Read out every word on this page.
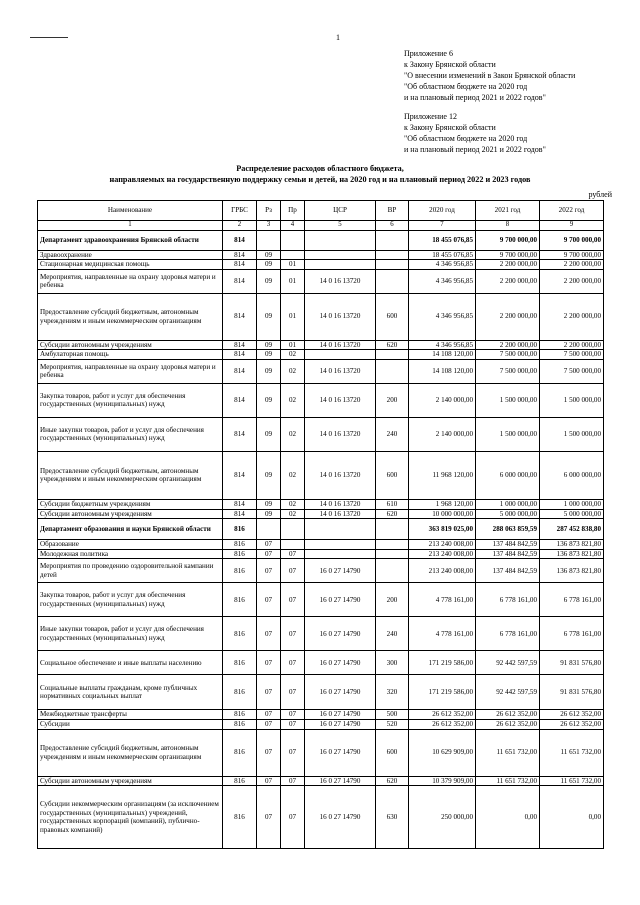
1
Приложение 6
к Закону Брянской области
"О внесении изменений в Закон Брянской области
"Об областном бюджете на 2020 год
и на плановый период 2021 и 2022 годов"
Приложение 12
к Закону Брянской области
"Об областном бюджете на 2020 год
и на плановый период 2021 и 2022 годов"
Распределение расходов областного бюджета,
направляемых на государственную поддержку семьи и детей, на 2020 год и на плановый период 2022 и 2023 годов
рублей
Наименование	ГРБС	Рз	Пр	ЦСР	ВР	2020 год	2021 год	2022 год
1	2	3	4	5	6	7	8	9
Департамент здравоохранения Брянской области	814					18 455 076,85	9 700 000,00	9 700 000,00
Здравоохранение	814	09				18 455 076,85	9 700 000,00	9 700 000,00
Стационарная медицинская помощь	814	09	01			4 346 956,85	2 200 000,00	2 200 000,00
Мероприятия, направленные на охрану здоровья матери и ребенка	814	09	01	14 0 16 13720		4 346 956,85	2 200 000,00	2 200 000,00
Предоставление субсидий бюджетным, автономным учреждениям и иным некоммерческим организациям	814	09	01	14 0 16 13720	600	4 346 956,85	2 200 000,00	2 200 000,00
Субсидии автономным учреждениям	814	09	01	14 0 16 13720	620	4 346 956,85	2 200 000,00	2 200 000,00
Амбулаторная помощь	814	09	02			14 108 120,00	7 500 000,00	7 500 000,00
Мероприятия, направленные на охрану здоровья матери и ребенка	814	09	02	14 0 16 13720		14 108 120,00	7 500 000,00	7 500 000,00
Закупка товаров, работ и услуг для обеспечения государственных (муниципальных) нужд	814	09	02	14 0 16 13720	200	2 140 000,00	1 500 000,00	1 500 000,00
Иные закупки товаров, работ и услуг для обеспечения государственных (муниципальных) нужд	814	09	02	14 0 16 13720	240	2 140 000,00	1 500 000,00	1 500 000,00
Предоставление субсидий бюджетным, автономным учреждениям и иным некоммерческим организациям	814	09	02	14 0 16 13720	600	11 968 120,00	6 000 000,00	6 000 000,00
Субсидии бюджетным учреждениям	814	09	02	14 0 16 13720	610	1 968 120,00	1 000 000,00	1 000 000,00
Субсидии автономным учреждениям	814	09	02	14 0 16 13720	620	10 000 000,00	5 000 000,00	5 000 000,00
Департамент образования и науки Брянской области	816					363 819 025,00	288 063 859,59	287 452 838,80
Образование	816	07				213 240 008,00	137 484 842,59	136 873 821,80
Молодежная политика	816	07	07			213 240 008,00	137 484 842,59	136 873 821,80
Мероприятия по проведению оздоровительной кампании детей	816	07	07	16 0 27 14790		213 240 008,00	137 484 842,59	136 873 821,80
Закупка товаров, работ и услуг для обеспечения государственных (муниципальных) нужд	816	07	07	16 0 27 14790	200	4 778 161,00	6 778 161,00	6 778 161,00
Иные закупки товаров, работ и услуг для обеспечения государственных (муниципальных) нужд	816	07	07	16 0 27 14790	240	4 778 161,00	6 778 161,00	6 778 161,00
Социальное обеспечение и иные выплаты населению	816	07	07	16 0 27 14790	300	171 219 586,00	92 442 597,59	91 831 576,80
Социальные выплаты гражданам, кроме публичных нормативных социальных выплат	816	07	07	16 0 27 14790	320	171 219 586,00	92 442 597,59	91 831 576,80
Межбюджетные трансферты	816	07	07	16 0 27 14790	500	26 612 352,00	26 612 352,00	26 612 352,00
Субсидии	816	07	07	16 0 27 14790	520	26 612 352,00	26 612 352,00	26 612 352,00
Предоставление субсидий бюджетным, автономным учреждениям и иным некоммерческим организациям	816	07	07	16 0 27 14790	600	10 629 909,00	11 651 732,00	11 651 732,00
Субсидии автономным учреждениям	816	07	07	16 0 27 14790	620	10 379 909,00	11 651 732,00	11 651 732,00
Субсидии некоммерческим организациям (за исключением государственных (муниципальных) учреждений, государственных корпораций (компаний), публично-правовых компаний)	816	07	07	16 0 27 14790	630	250 000,00	0,00	0,00
